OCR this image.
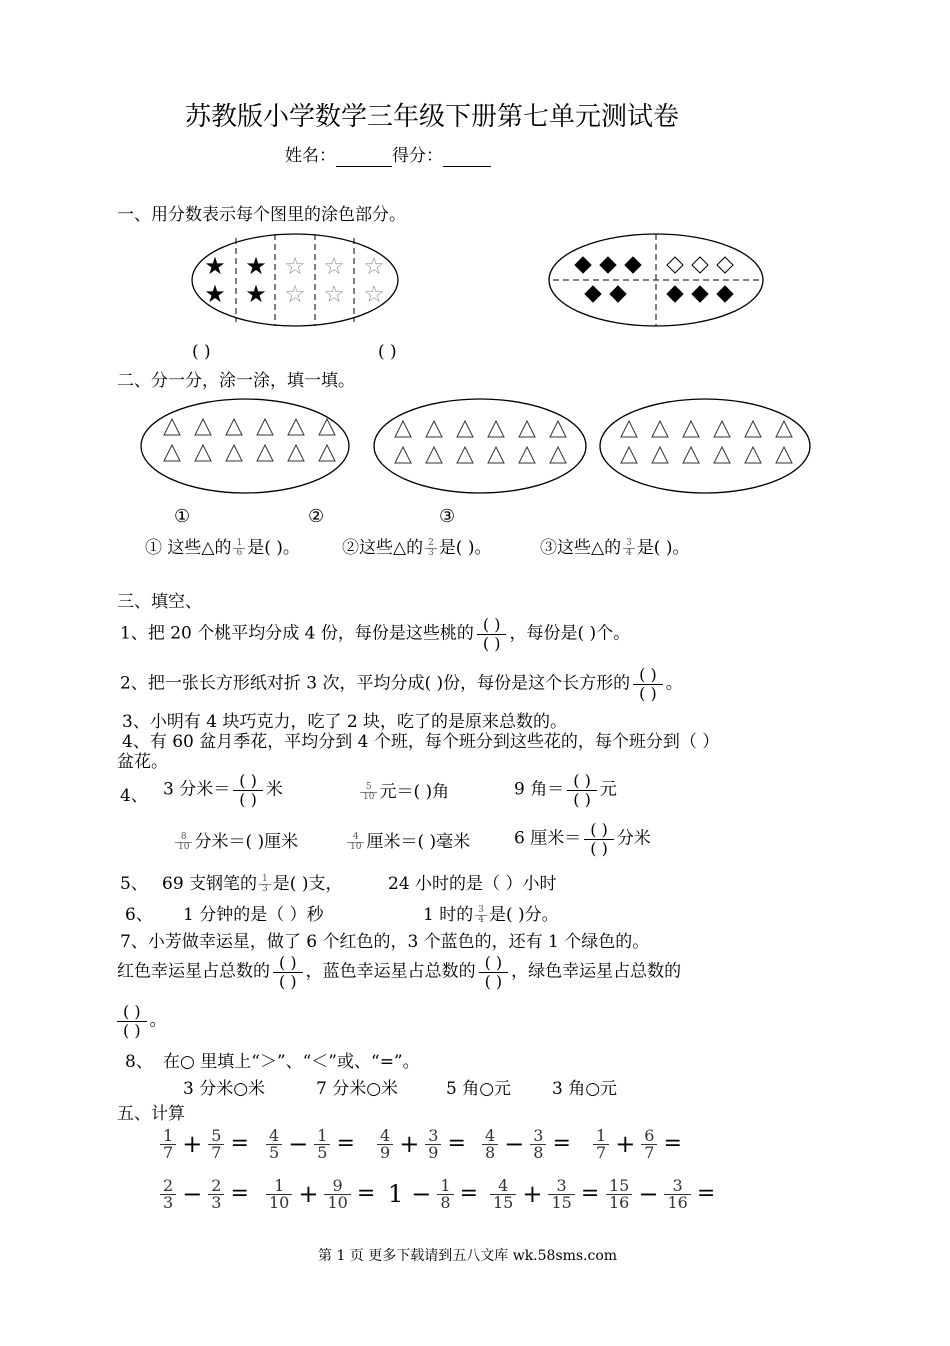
苏教版小学数学三年级下册第七单元测试卷
姓名：	得分：
一、用分数表示每个图里的涂色部分。
★
★
★
★
☆
☆
☆
☆
☆
☆
( )	( )
二、分一分，涂一涂，填一填。
①	②	③
① 这些△的 $\frac{1}{6}$ 是( )。 ②这些△的 $\frac{2}{3}$ 是( )。	③这些△的 $\frac{3}{4}$ 是( )。
三、填空、
1、把 20 个桃平均分成 4 份，每份是这些桃的 ( )
( ) ，每份是( )个。
2、把一张长方形纸对折 3 次，平均分成( )份，每份是这个长方形的 ( )
( ) 。
3、小明有 4 块巧克力，吃了 2 块，吃了的是原来总数的。
4、有 60 盆月季花，平均分到 4 个班，每个班分到这些花的，每个班分到（ ）
盆花。
4、 3 分米＝ ( )
( ) 米	$\frac{5}{10}$ 元＝( )角	9 角＝ ( )
( ) 元
$\frac{8}{10}$ 分米＝( )厘米	$\frac{4}{10}$ 厘米＝( )毫米	6 厘米＝ ( )
( ) 分米
5、 69 支钢笔的 $\frac{1}{3}$ 是( )支，	24 小时的是（ ）小时
6、 1 分钟的是（ ）秒	1 时的 $\frac{3}{4}$ 是( )分。
7、小芳做幸运星，做了 6 个红色的，3 个蓝色的，还有 1 个绿色的。
红色幸运星占总数的 ( )
( ) ，蓝色幸运星占总数的 ( )
( ) ，绿色幸运星占总数的
( )
( ) 。
8、 在○ 里填上“＞”、“＜”或、“=”。
3 分米○米	7 分米○米	5 角○元 3 角○元
五、计算
$\frac{1}{7} + \frac{5}{7} = \frac{4}{5} - \frac{1}{5} = \frac{4}{9} + \frac{3}{9} = \frac{4}{8} - \frac{3}{8} = \frac{1}{7} + \frac{6}{7}$ =
$\frac{2}{3} - \frac{2}{3} = \frac{1}{10} + \frac{9}{10} = 1 - \frac{1}{8} = \frac{4}{15} + \frac{3}{15} = \frac{15}{16} - \frac{3}{16}$ =
第 1 页 更多下载请到五八文库 wk.58sms.com
